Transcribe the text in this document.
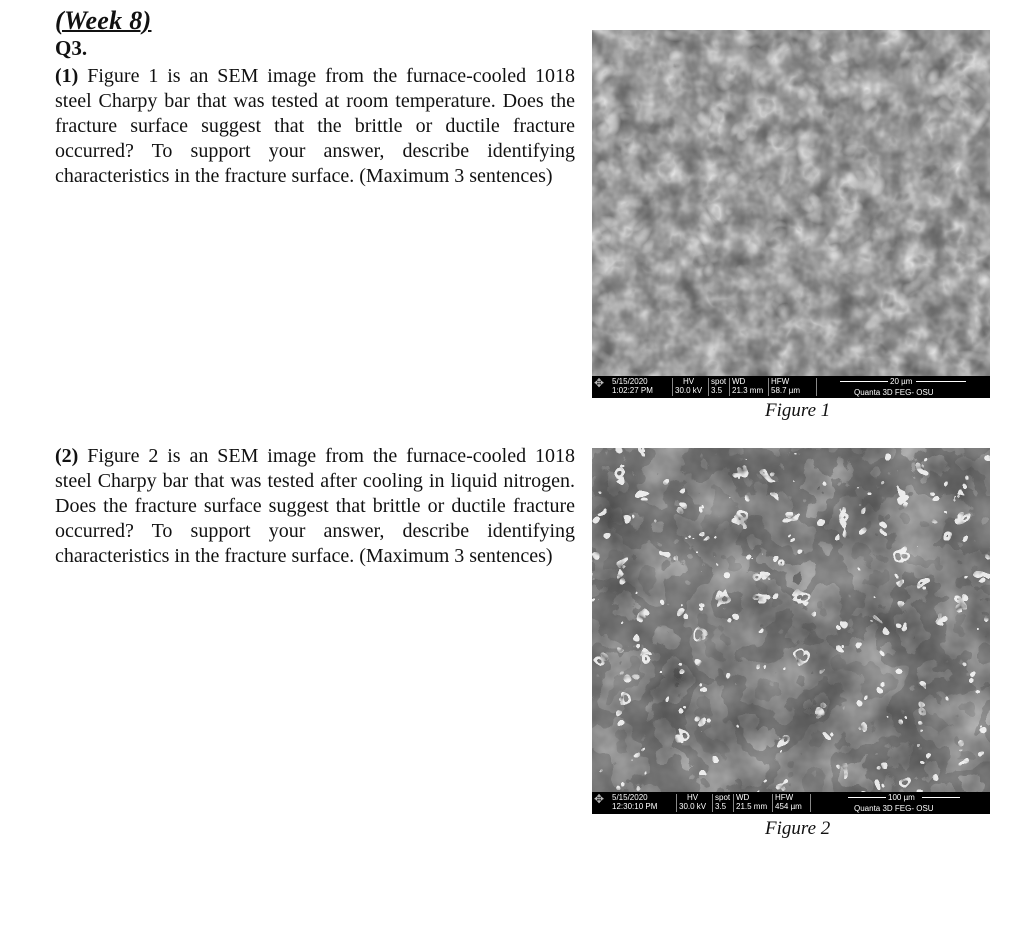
(Week 8)
Q3.
(1) Figure 1 is an SEM image from the furnace-cooled 1018 steel Charpy bar that was tested at room temperature. Does the fracture surface suggest that the brittle or ductile fracture occurred? To support your answer, describe identifying characteristics in the fracture surface. (Maximum 3 sentences)
(2) Figure 2 is an SEM image from the furnace-cooled 1018 steel Charpy bar that was tested after cooling in liquid nitrogen. Does the fracture surface suggest that brittle or ductile fracture occurred? To support your answer, describe identifying characteristics in the fracture surface. (Maximum 3 sentences)
✥ 5/15/2020
1:02:27 PM
HV
30.0 kV
spot
3.5
WD
21.3 mm
HFW
58.7 µm
20 µm
Quanta 3D FEG- OSU
Figure 1
✥ 5/15/2020
12:30:10 PM
HV
30.0 kV
spot
3.5
WD
21.5 mm
HFW
454 µm
100 µm
Quanta 3D FEG- OSU
Figure 2
